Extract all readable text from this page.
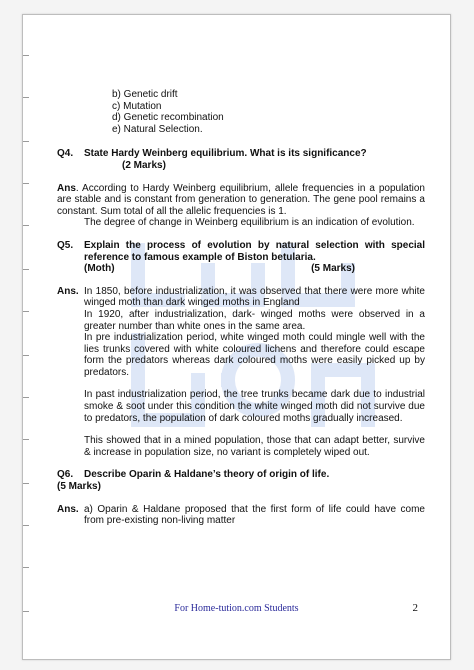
b) Genetic drift
c) Mutation
d) Genetic recombination
e) Natural Selection.
Q4.	State Hardy Weinberg equilibrium. What is its significance?
(2 Marks)
Ans. According to Hardy Weinberg equilibrium, allele frequencies in a population are stable and is constant from generation to generation. The gene pool remains a constant. Sum total of all the allelic frequencies is 1.
The degree of change in Weinberg equilibrium is an indication of evolution.
Q5.	Explain the process of evolution by natural selection with special reference to famous example of Biston betularia.
(Moth)	(5 Marks)
Ans. In 1850, before industrialization, it was observed that there were more white winged moth than dark winged moths in England
In 1920, after industrialization, dark- winged moths were observed in a greater number than white ones in the same area.
In pre industrialization period, white winged moth could mingle well with the lies trunks covered with white coloured lichens and therefore could escape form the predators whereas dark coloured moths were easily picked up by predators.
In past industrialization period, the tree trunks became dark due to industrial smoke & soot under this condition the white winged moth did not survive due to predators, the population of dark coloured moths gradually increased.
This showed that in a mined population, those that can adapt better, survive & increase in population size, no variant is completely wiped out.
Q6.	Describe Oparin & Haldane’s theory of origin of life.
(5 Marks)
Ans. a) Oparin & Haldane proposed that the first form of life could have come from pre-existing non-living matter
For Home-tution.com Students	2
